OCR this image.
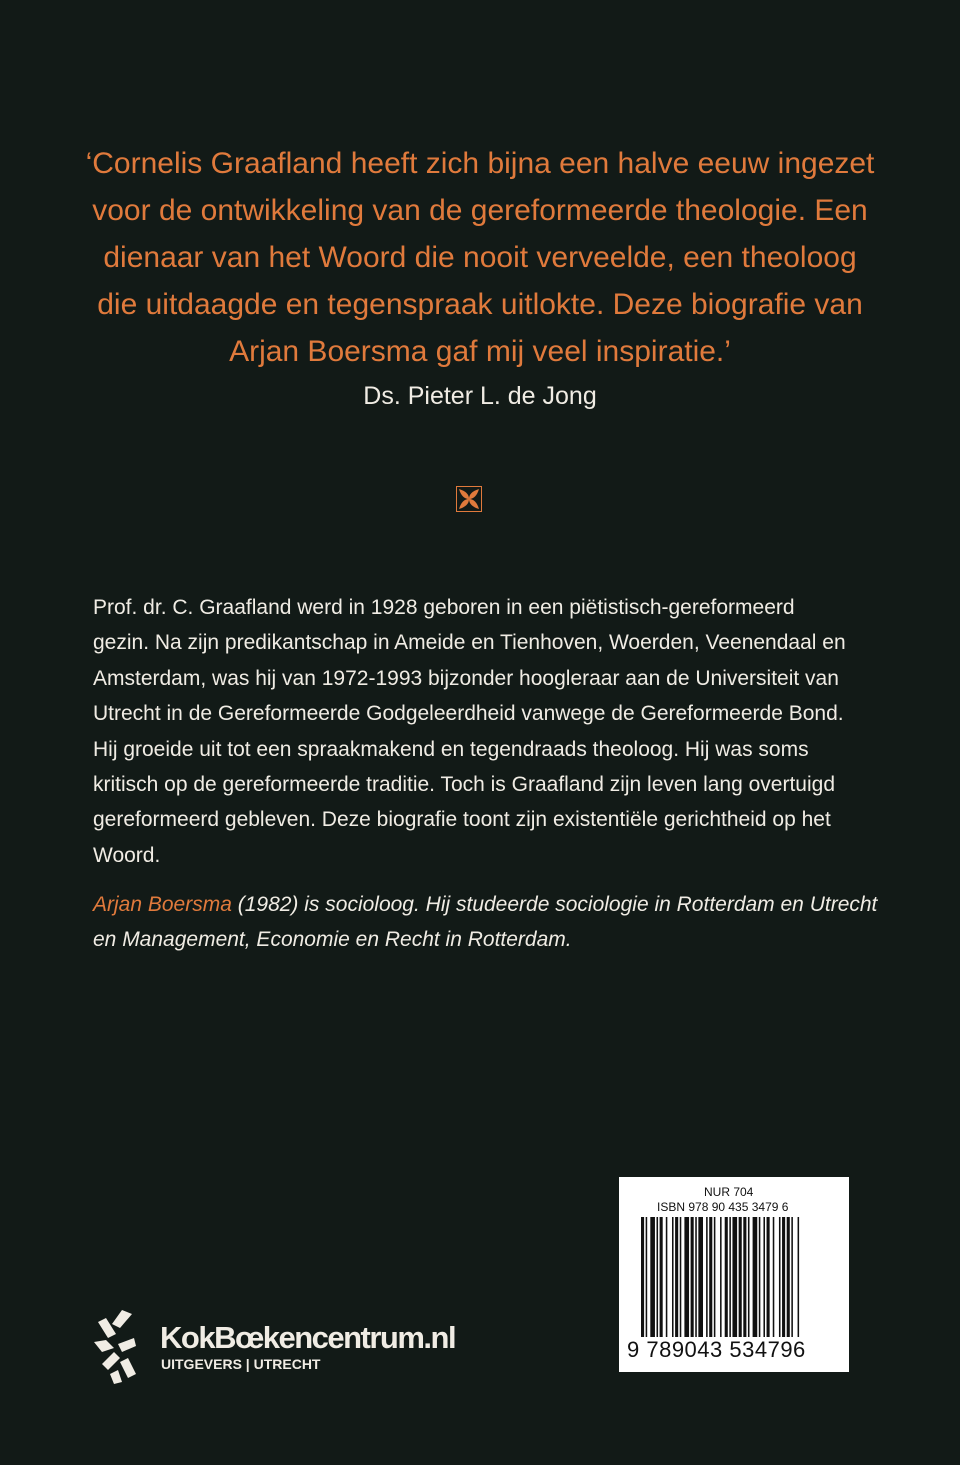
‘Cornelis Graafland heeft zich bijna een halve eeuw ingezet
voor de ontwikkeling van de gereformeerde theologie. Een
dienaar van het Woord die nooit verveelde, een theoloog
die uitdaagde en tegenspraak uitlokte. Deze biografie van
Arjan Boersma gaf mij veel inspiratie.’
Ds. Pieter L. de Jong
Prof. dr. C. Graafland werd in 1928 geboren in een piëtistisch-gereformeerd
gezin. Na zijn predikantschap in Ameide en Tienhoven, Woerden, Veenendaal en
Amsterdam, was hij van 1972-1993 bijzonder hoogleraar aan de Universiteit van
Utrecht in de Gereformeerde Godgeleerdheid vanwege de Gereformeerde Bond.
Hij groeide uit tot een spraakmakend en tegendraads theoloog. Hij was soms
kritisch op de gereformeerde traditie. Toch is Graafland zijn leven lang overtuigd
gereformeerd gebleven. Deze biografie toont zijn existentiële gerichtheid op het
Woord.
Arjan Boersma (1982) is socioloog. Hij studeerde sociologie in Rotterdam en Utrecht
en Management, Economie en Recht in Rotterdam.
KokBœkencentrum.nl
UITGEVERS | UTRECHT
NUR 704
ISBN 978 90 435 3479 6
9 789043 534796
